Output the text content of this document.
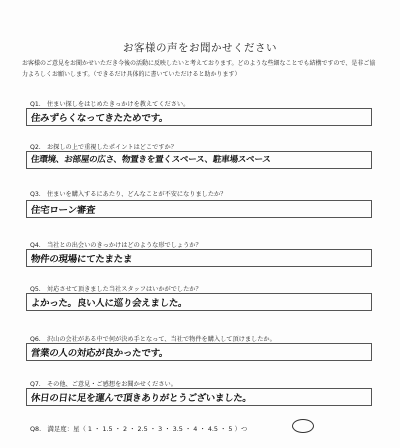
お客様の声をお聞かせください
お客様のご意見をお聞かせいただき今後の活動に反映したいと考えております。どのような些細なことでも結構ですので、是非ご協力よろしくお願いします。（できるだけ具体的に書いていただけると助かります）
Q1.　住まい探しをはじめたきっかけを教えてください。
住みずらくなってきたためです。
Q2.　お探しの上で重視したポイントはどこですか？
住環境、お部屋の広さ、物置きを置くスペース、駐車場スペース
Q3.　住まいを購入するにあたり、どんなことが不安になりましたか？
住宅ローン審査
Q4.　当社との出会いのきっかけはどのような形でしょうか？
物件の現場にてたまたま
Q5.　対応させて頂きました当社スタッフはいかがでしたか？
よかった。良い人に巡り会えました。
Q6.　沢山の会社がある中で何が決め手となって、当社で物件を購入して頂けましたか。
営業の人の対応が良かったです。
Q7.　その他、ご意見・ご感想をお聞かせください。
休日の日に足を運んで頂きありがとうございました。
Q8.　満足度：星（ 1 ・ 1.5 ・ 2 ・ 2.5 ・ 3 ・ 3.5 ・ 4 ・ 4.5 ・ 5 ）つ
